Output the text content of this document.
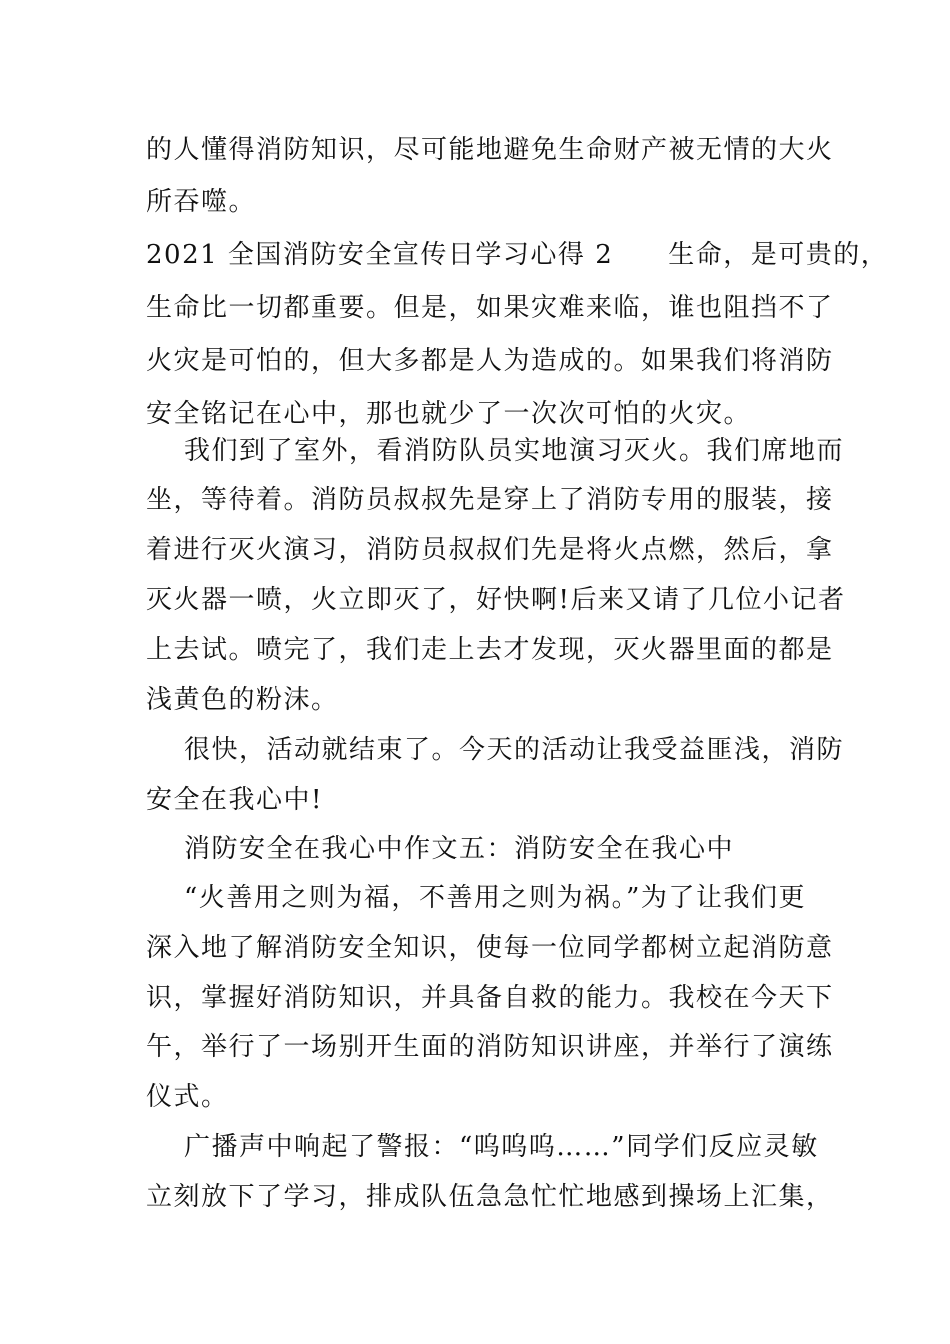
的人懂得消防知识，尽可能地避免生命财产被无情的大火
所吞噬。
2021 全国消防安全宣传日学习心得 2　　生命，是可贵的，
生命比一切都重要。但是，如果灾难来临，谁也阻挡不了
火灾是可怕的，但大多都是人为造成的。如果我们将消防
安全铭记在心中，那也就少了一次次可怕的火灾。
我们到了室外，看消防队员实地演习灭火。我们席地而
坐，等待着。消防员叔叔先是穿上了消防专用的服装，接
着进行灭火演习，消防员叔叔们先是将火点燃，然后，拿
灭火器一喷，火立即灭了，好快啊!后来又请了几位小记者
上去试。喷完了，我们走上去才发现，灭火器里面的都是
浅黄色的粉沫。
很快，活动就结束了。今天的活动让我受益匪浅，消防
安全在我心中!
消防安全在我心中作文五：消防安全在我心中
“火善用之则为福，不善用之则为祸。”为了让我们更
深入地了解消防安全知识，使每一位同学都树立起消防意
识，掌握好消防知识，并具备自救的能力。我校在今天下
午，举行了一场别开生面的消防知识讲座，并举行了演练
仪式。
广播声中响起了警报：“呜呜呜……”同学们反应灵敏
立刻放下了学习，排成队伍急急忙忙地感到操场上汇集，
